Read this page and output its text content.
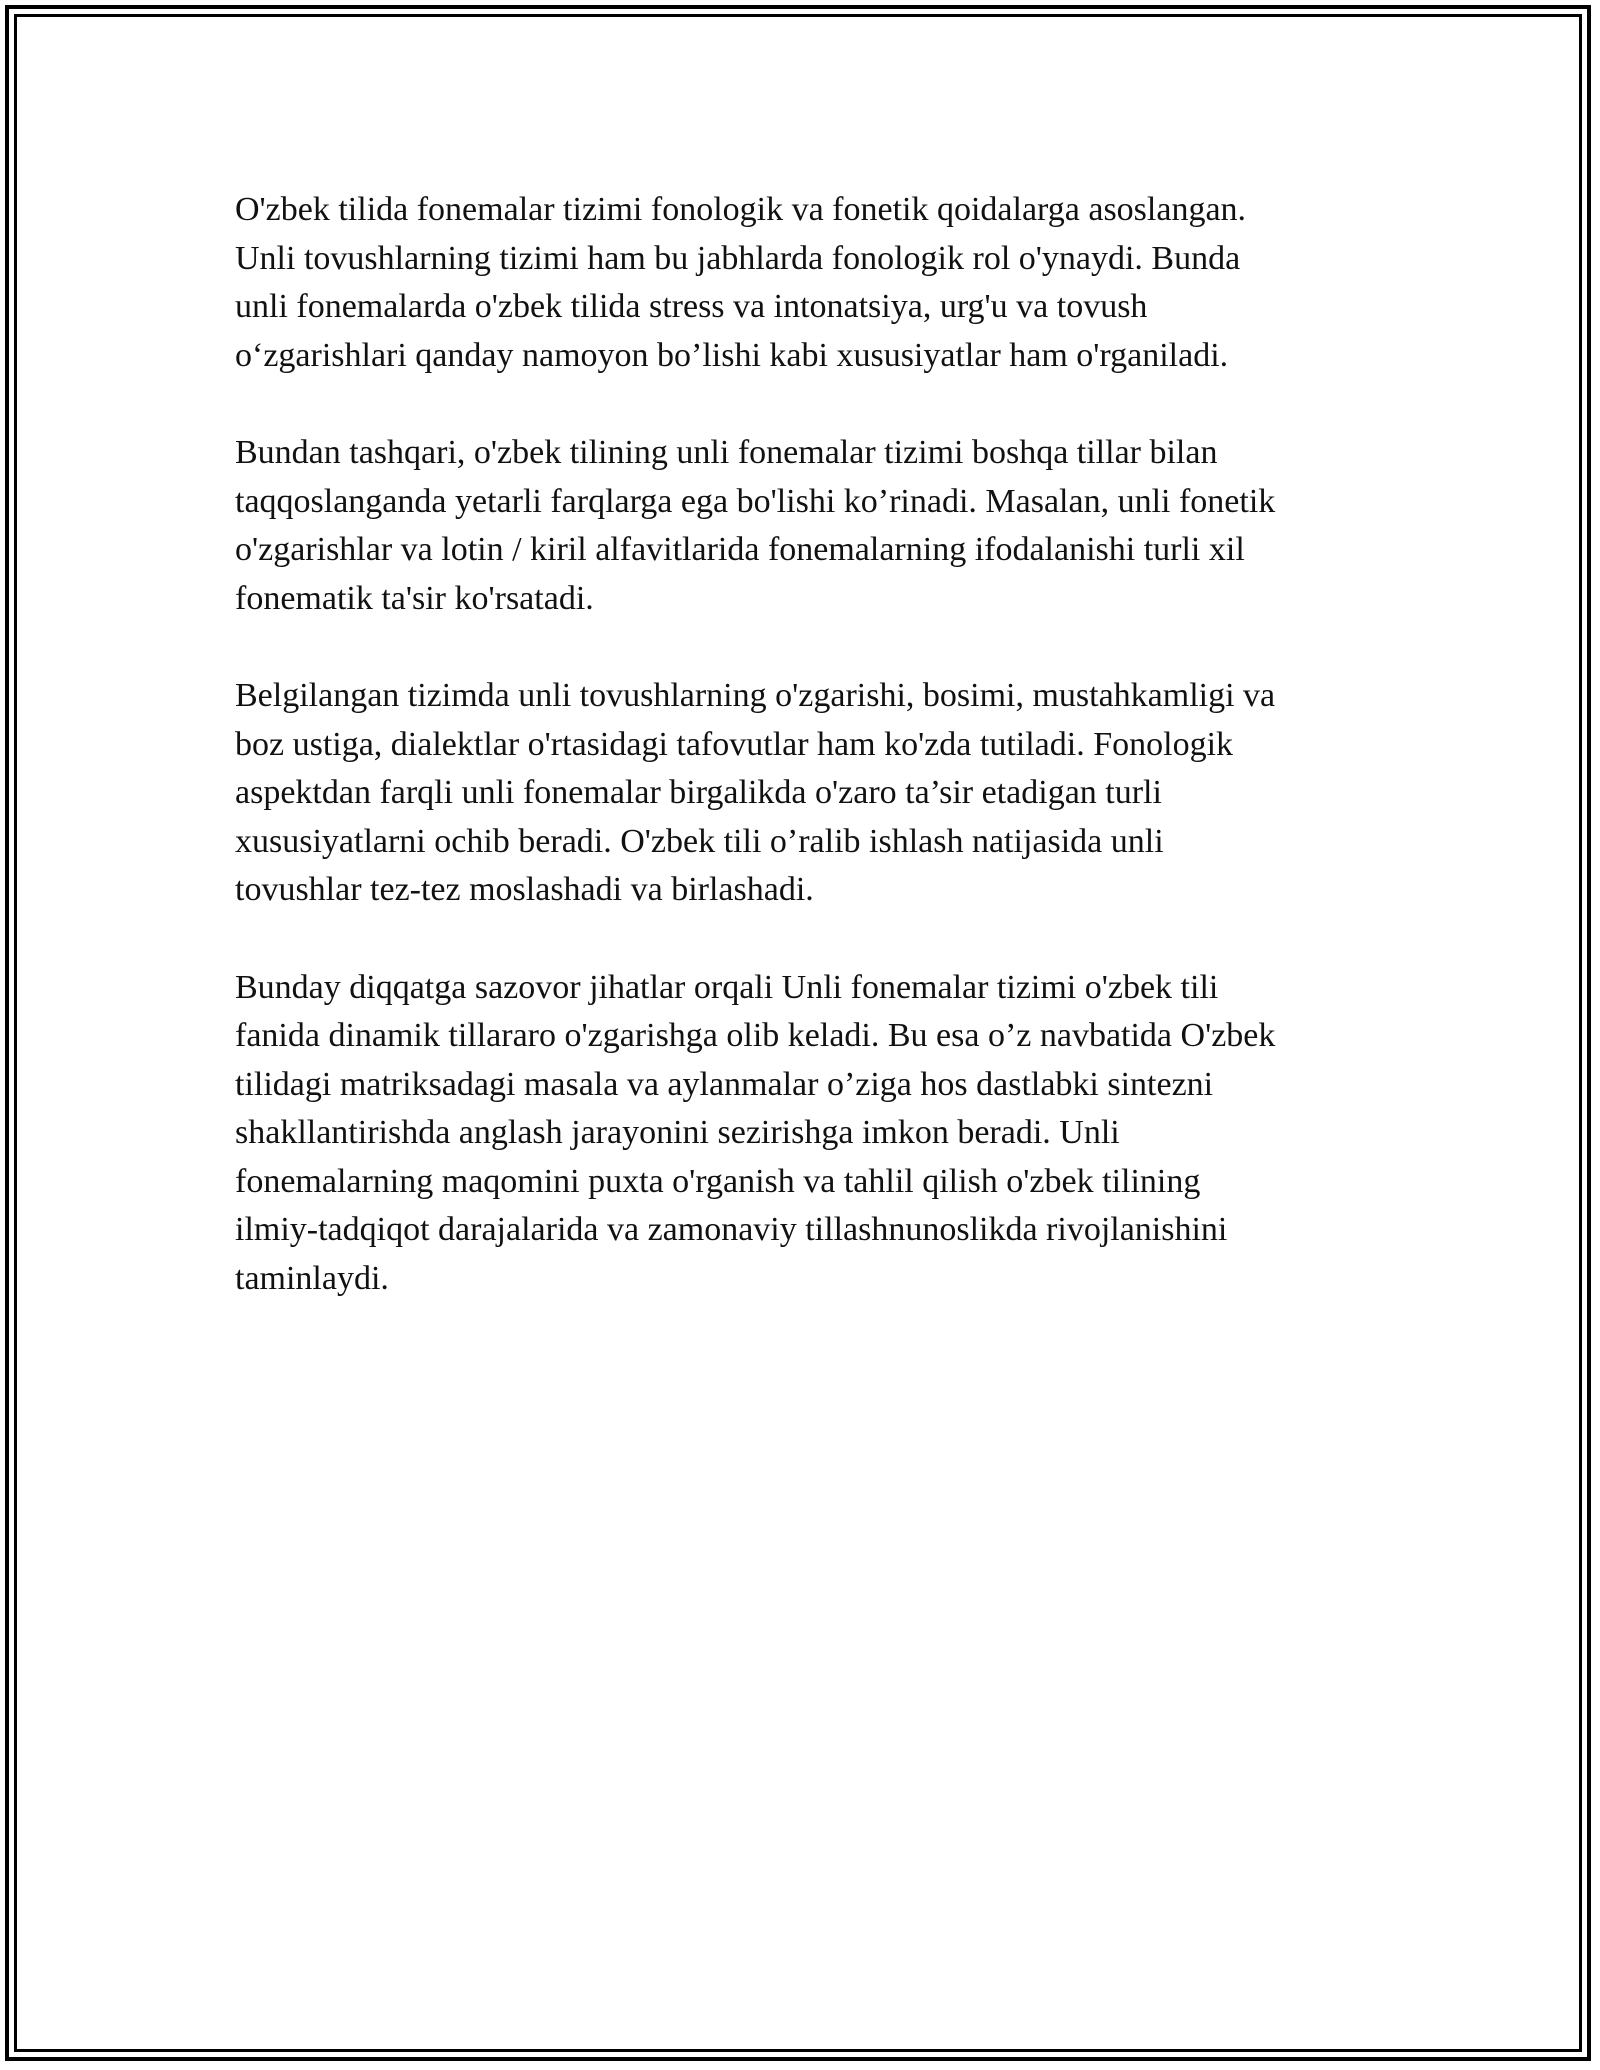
O'zbek tilida fonemalar tizimi fonologik va fonetik qoidalarga asoslangan.
Unli tovushlarning tizimi ham bu jabhlarda fonologik rol o'ynaydi. Bunda
unli fonemalarda o'zbek tilida stress va intonatsiya, urg'u va tovush
o‘zgarishlari qanday namoyon bo’lishi kabi xususiyatlar ham o'rganiladi.

Bundan tashqari, o'zbek tilining unli fonemalar tizimi boshqa tillar bilan
taqqoslanganda yetarli farqlarga ega bo'lishi ko’rinadi. Masalan, unli fonetik
o'zgarishlar va lotin / kiril alfavitlarida fonemalarning ifodalanishi turli xil
fonematik ta'sir ko'rsatadi.

Belgilangan tizimda unli tovushlarning o'zgarishi, bosimi, mustahkamligi va
boz ustiga, dialektlar o'rtasidagi tafovutlar ham ko'zda tutiladi. Fonologik
aspektdan farqli unli fonemalar birgalikda o'zaro ta’sir etadigan turli
xususiyatlarni ochib beradi. O'zbek tili o’ralib ishlash natijasida unli
tovushlar tez-tez moslashadi va birlashadi.

Bunday diqqatga sazovor jihatlar orqali Unli fonemalar tizimi o'zbek tili
fanida dinamik tillararo o'zgarishga olib keladi. Bu esa o’z navbatida O'zbek
tilidagi matriksadagi masala va aylanmalar o’ziga hos dastlabki sintezni
shakllantirishda anglash jarayonini sezirishga imkon beradi. Unli
fonemalarning maqomini puxta o'rganish va tahlil qilish o'zbek tilining
ilmiy-tadqiqot darajalarida va zamonaviy tillashnunoslikda rivojlanishini
taminlaydi.
